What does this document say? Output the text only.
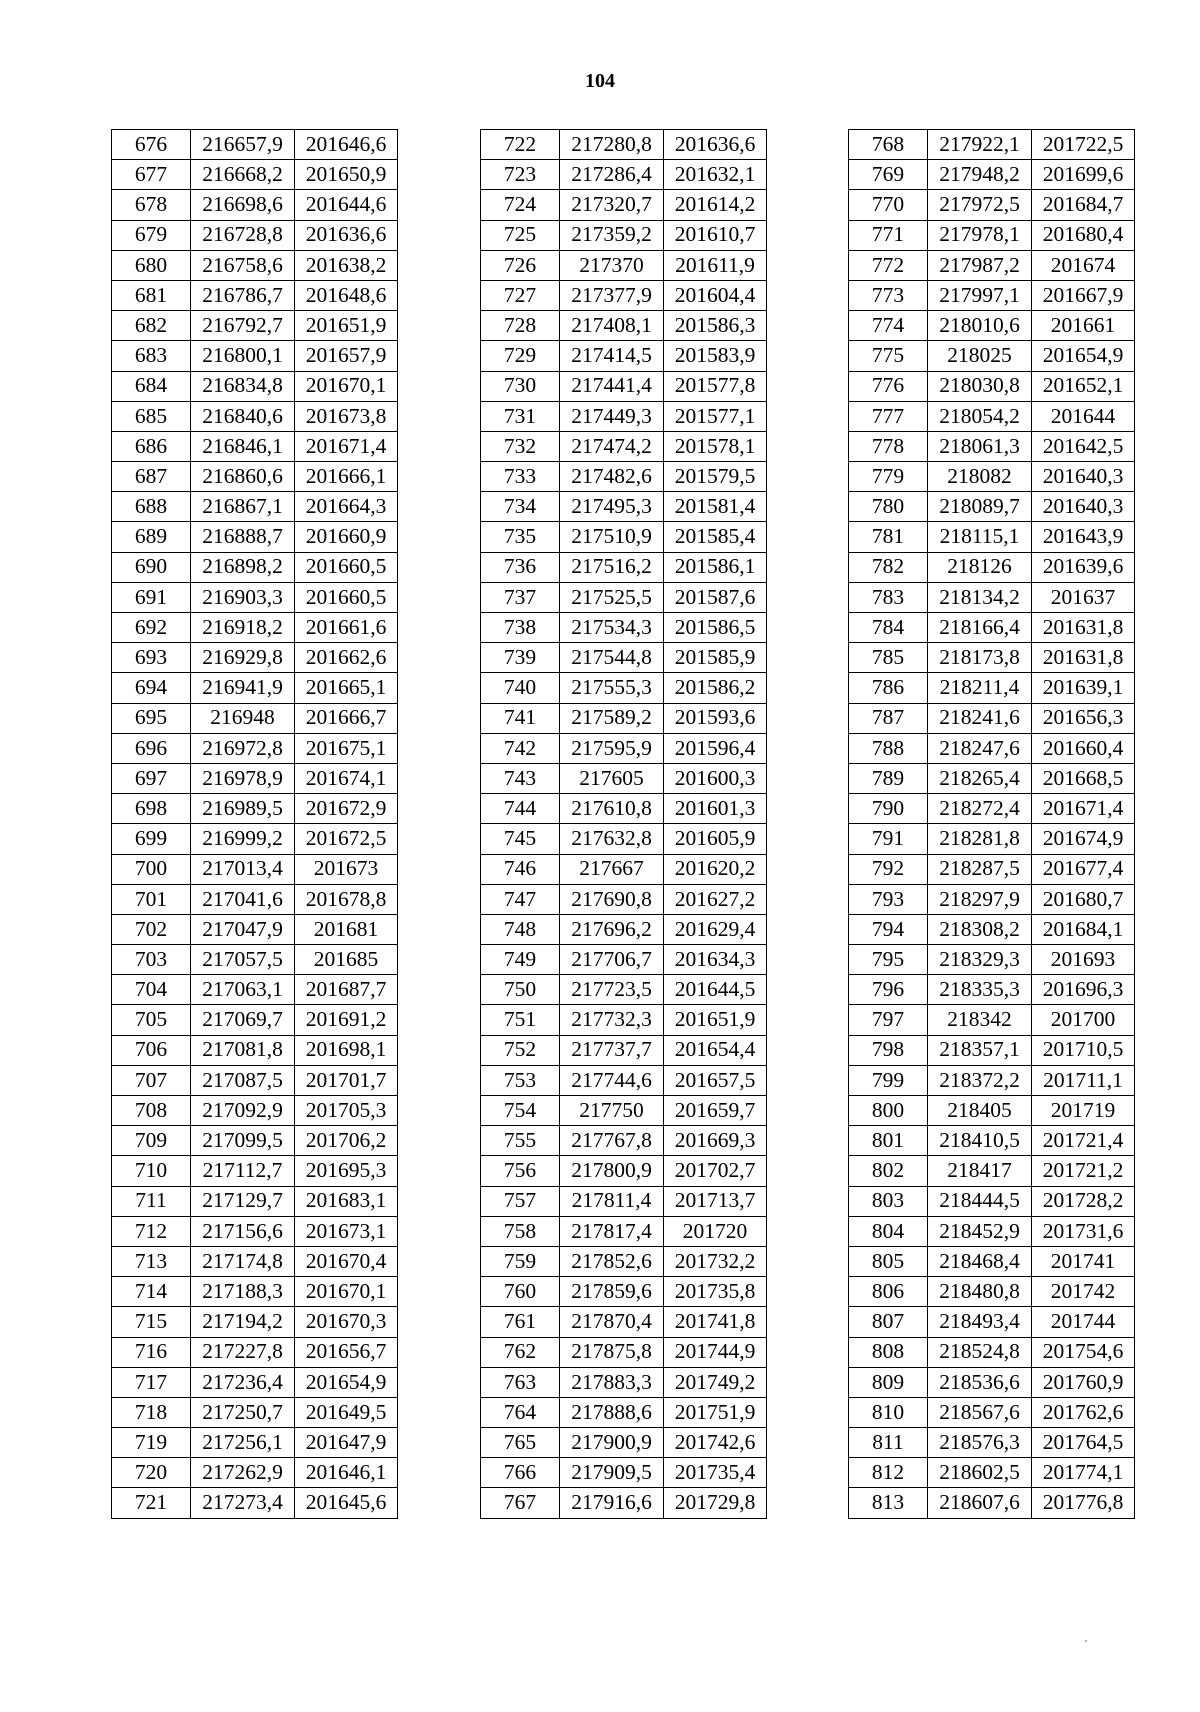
104
676	216657,9	201646,6
677	216668,2	201650,9
678	216698,6	201644,6
679	216728,8	201636,6
680	216758,6	201638,2
681	216786,7	201648,6
682	216792,7	201651,9
683	216800,1	201657,9
684	216834,8	201670,1
685	216840,6	201673,8
686	216846,1	201671,4
687	216860,6	201666,1
688	216867,1	201664,3
689	216888,7	201660,9
690	216898,2	201660,5
691	216903,3	201660,5
692	216918,2	201661,6
693	216929,8	201662,6
694	216941,9	201665,1
695	216948	201666,7
696	216972,8	201675,1
697	216978,9	201674,1
698	216989,5	201672,9
699	216999,2	201672,5
700	217013,4	201673
701	217041,6	201678,8
702	217047,9	201681
703	217057,5	201685
704	217063,1	201687,7
705	217069,7	201691,2
706	217081,8	201698,1
707	217087,5	201701,7
708	217092,9	201705,3
709	217099,5	201706,2
710	217112,7	201695,3
711	217129,7	201683,1
712	217156,6	201673,1
713	217174,8	201670,4
714	217188,3	201670,1
715	217194,2	201670,3
716	217227,8	201656,7
717	217236,4	201654,9
718	217250,7	201649,5
719	217256,1	201647,9
720	217262,9	201646,1
721	217273,4	201645,6
722	217280,8	201636,6
723	217286,4	201632,1
724	217320,7	201614,2
725	217359,2	201610,7
726	217370	201611,9
727	217377,9	201604,4
728	217408,1	201586,3
729	217414,5	201583,9
730	217441,4	201577,8
731	217449,3	201577,1
732	217474,2	201578,1
733	217482,6	201579,5
734	217495,3	201581,4
735	217510,9	201585,4
736	217516,2	201586,1
737	217525,5	201587,6
738	217534,3	201586,5
739	217544,8	201585,9
740	217555,3	201586,2
741	217589,2	201593,6
742	217595,9	201596,4
743	217605	201600,3
744	217610,8	201601,3
745	217632,8	201605,9
746	217667	201620,2
747	217690,8	201627,2
748	217696,2	201629,4
749	217706,7	201634,3
750	217723,5	201644,5
751	217732,3	201651,9
752	217737,7	201654,4
753	217744,6	201657,5
754	217750	201659,7
755	217767,8	201669,3
756	217800,9	201702,7
757	217811,4	201713,7
758	217817,4	201720
759	217852,6	201732,2
760	217859,6	201735,8
761	217870,4	201741,8
762	217875,8	201744,9
763	217883,3	201749,2
764	217888,6	201751,9
765	217900,9	201742,6
766	217909,5	201735,4
767	217916,6	201729,8
768	217922,1	201722,5
769	217948,2	201699,6
770	217972,5	201684,7
771	217978,1	201680,4
772	217987,2	201674
773	217997,1	201667,9
774	218010,6	201661
775	218025	201654,9
776	218030,8	201652,1
777	218054,2	201644
778	218061,3	201642,5
779	218082	201640,3
780	218089,7	201640,3
781	218115,1	201643,9
782	218126	201639,6
783	218134,2	201637
784	218166,4	201631,8
785	218173,8	201631,8
786	218211,4	201639,1
787	218241,6	201656,3
788	218247,6	201660,4
789	218265,4	201668,5
790	218272,4	201671,4
791	218281,8	201674,9
792	218287,5	201677,4
793	218297,9	201680,7
794	218308,2	201684,1
795	218329,3	201693
796	218335,3	201696,3
797	218342	201700
798	218357,1	201710,5
799	218372,2	201711,1
800	218405	201719
801	218410,5	201721,4
802	218417	201721,2
803	218444,5	201728,2
804	218452,9	201731,6
805	218468,4	201741
806	218480,8	201742
807	218493,4	201744
808	218524,8	201754,6
809	218536,6	201760,9
810	218567,6	201762,6
811	218576,3	201764,5
812	218602,5	201774,1
813	218607,6	201776,8
